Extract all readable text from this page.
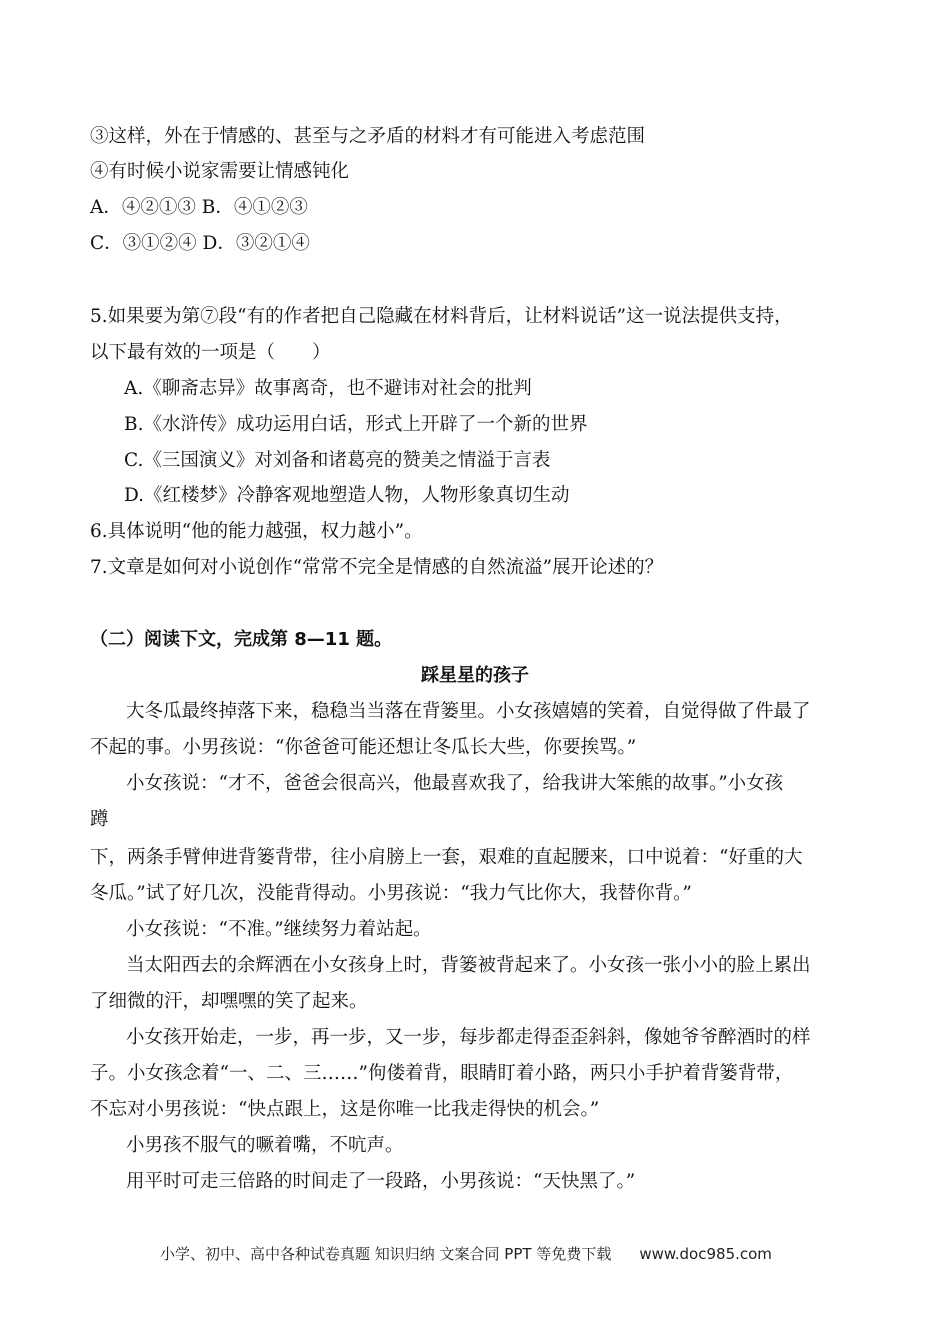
③这样，外在于情感的、甚至与之矛盾的材料才有可能进入考虑范围
④有时候小说家需要让情感钝化
A．④②①③ B．④①②③
C．③①②④ D．③②①④
5.如果要为第⑦段“有的作者把自己隐藏在材料背后，让材料说话”这一说法提供支持，
以下最有效的一项是（　　）
A.《聊斋志异》故事离奇，也不避讳对社会的批判
B.《水浒传》成功运用白话，形式上开辟了一个新的世界
C.《三国演义》对刘备和诸葛亮的赞美之情溢于言表
D.《红楼梦》冷静客观地塑造人物，人物形象真切生动
6.具体说明“他的能力越强，权力越小”。
7.文章是如何对小说创作“常常不完全是情感的自然流溢”展开论述的？
（二）阅读下文，完成第 8—11 题。
踩星星的孩子
大冬瓜最终掉落下来，稳稳当当落在背篓里。小女孩嬉嬉的笑着，自觉得做了件最了
不起的事。小男孩说：“你爸爸可能还想让冬瓜长大些，你要挨骂。”
小女孩说：“才不，爸爸会很高兴，他最喜欢我了，给我讲大笨熊的故事。”小女孩
蹲
下，两条手臂伸进背篓背带，往小肩膀上一套，艰难的直起腰来，口中说着：“好重的大
冬瓜。”试了好几次，没能背得动。小男孩说：“我力气比你大，我替你背。”
小女孩说：“不准。”继续努力着站起。
当太阳西去的余辉洒在小女孩身上时，背篓被背起来了。小女孩一张小小的脸上累出
了细微的汗，却嘿嘿的笑了起来。
小女孩开始走，一步，再一步，又一步，每步都走得歪歪斜斜，像她爷爷醉酒时的样
子。小女孩念着“一、二、三……”佝偻着背，眼睛盯着小路，两只小手护着背篓背带，
不忘对小男孩说：“快点跟上，这是你唯一比我走得快的机会。”
小男孩不服气的噘着嘴，不吭声。
用平时可走三倍路的时间走了一段路，小男孩说：“天快黑了。”
小学、初中、高中各种试卷真题 知识归纳 文案合同 PPT 等免费下载 www.doc985.com
